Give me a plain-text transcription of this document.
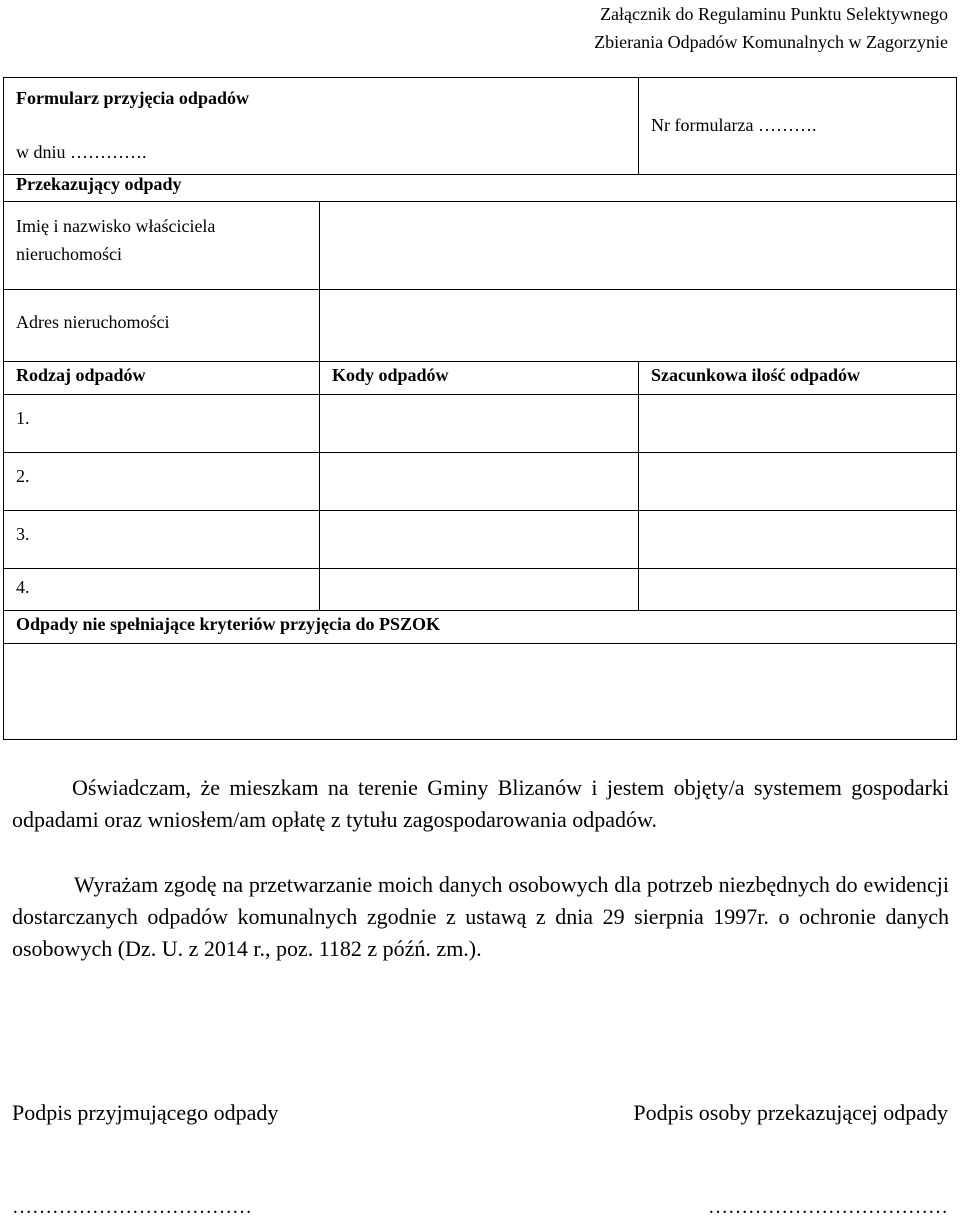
Załącznik do Regulaminu Punktu Selektywnego
Zbierania Odpadów Komunalnych w Zagorzynie
Formularz przyjęcia odpadów
w dniu ………….		Nr formularza ……….

Przekazujący odpady		

Imię i nazwisko właściciela
nieruchomości		

Adres nieruchomości		

Rodzaj odpadów	Kody odpadów	Szacunkowa ilość odpadów

1.		

2.		

3.		

4.		

Odpady nie spełniające kryteriów przyjęcia do PSZOK		

Oświadczam, że mieszkam na terenie Gminy Blizanów i jestem objęty/a systemem gospodarki odpadami oraz wniosłem/am opłatę z tytułu zagospodarowania odpadów.
Wyrażam zgodę na przetwarzanie moich danych osobowych dla potrzeb niezbędnych do ewidencji dostarczanych odpadów komunalnych zgodnie z ustawą z dnia 29 sierpnia 1997r. o ochronie danych osobowych (Dz. U. z 2014 r., poz. 1182 z późń. zm.).
Podpis przyjmującego odpady	Podpis osoby przekazującej odpady
………………………………	………………………………
